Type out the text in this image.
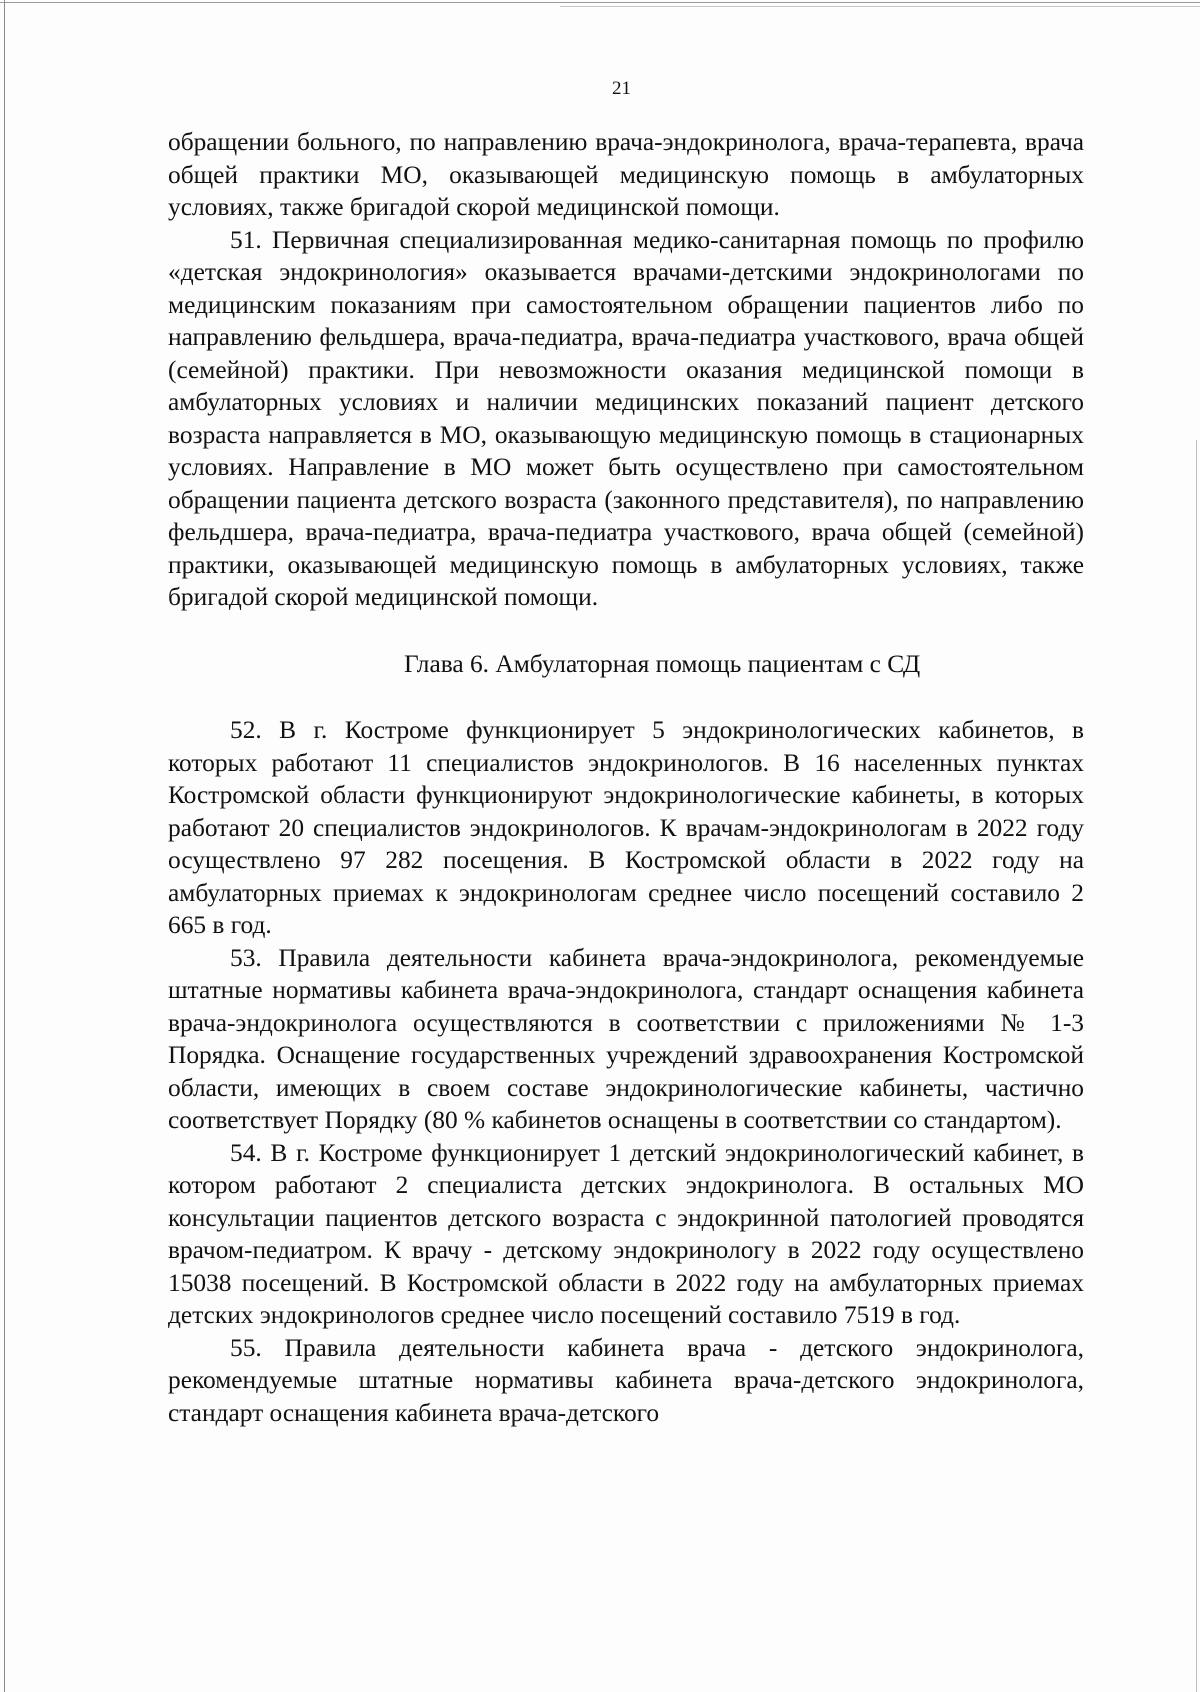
21

обращении больного, по направлению врача-эндокринолога, врача-терапевта, врача общей практики МО, оказывающей медицинскую помощь в амбулаторных условиях, также бригадой скорой медицинской помощи.

51. Первичная специализированная медико-санитарная помощь по профилю «детская эндокринология» оказывается врачами-детскими эндокринологами по медицинским показаниям при самостоятельном обращении пациентов либо по направлению фельдшера, врача-педиатра, врача-педиатра участкового, врача общей (семейной) практики. При невозможности оказания медицинской помощи в амбулаторных условиях и наличии медицинских показаний пациент детского возраста направляется в МО, оказывающую медицинскую помощь в стационарных условиях. Направление в МО может быть осуществлено при самостоятельном обращении пациента детского возраста (законного представителя), по направлению фельдшера, врача-педиатра, врача-педиатра участкового, врача общей (семейной) практики, оказывающей медицинскую помощь в амбулаторных условиях, также бригадой скорой медицинской помощи.

Глава 6. Амбулаторная помощь пациентам с СД

52. В г. Костроме функционирует 5 эндокринологических кабинетов, в которых работают 11 специалистов эндокринологов. В 16 населенных пунктах Костромской области функционируют эндокринологические кабинеты, в которых работают 20 специалистов эндокринологов. К врачам-эндокринологам в 2022 году осуществлено 97 282 посещения. В Костромской области в 2022 году на амбулаторных приемах к эндокринологам среднее число посещений составило 2 665 в год.

53. Правила деятельности кабинета врача-эндокринолога, рекомендуемые штатные нормативы кабинета врача-эндокринолога, стандарт оснащения кабинета врача-эндокринолога осуществляются в соответствии с приложениями № 1-3 Порядка. Оснащение государственных учреждений здравоохранения Костромской области, имеющих в своем составе эндокринологические кабинеты, частично соответствует Порядку (80 % кабинетов оснащены в соответствии со стандартом).

54. В г. Костроме функционирует 1 детский эндокринологический кабинет, в котором работают 2 специалиста детских эндокринолога. В остальных МО консультации пациентов детского возраста с эндокринной патологией проводятся врачом-педиатром. К врачу - детскому эндокринологу в 2022 году осуществлено 15038 посещений. В Костромской области в 2022 году на амбулаторных приемах детских эндокринологов среднее число посещений составило 7519 в год.

55. Правила деятельности кабинета врача - детского эндокринолога, рекомендуемые штатные нормативы кабинета врача-детского эндокринолога, стандарт оснащения кабинета врача-детского
